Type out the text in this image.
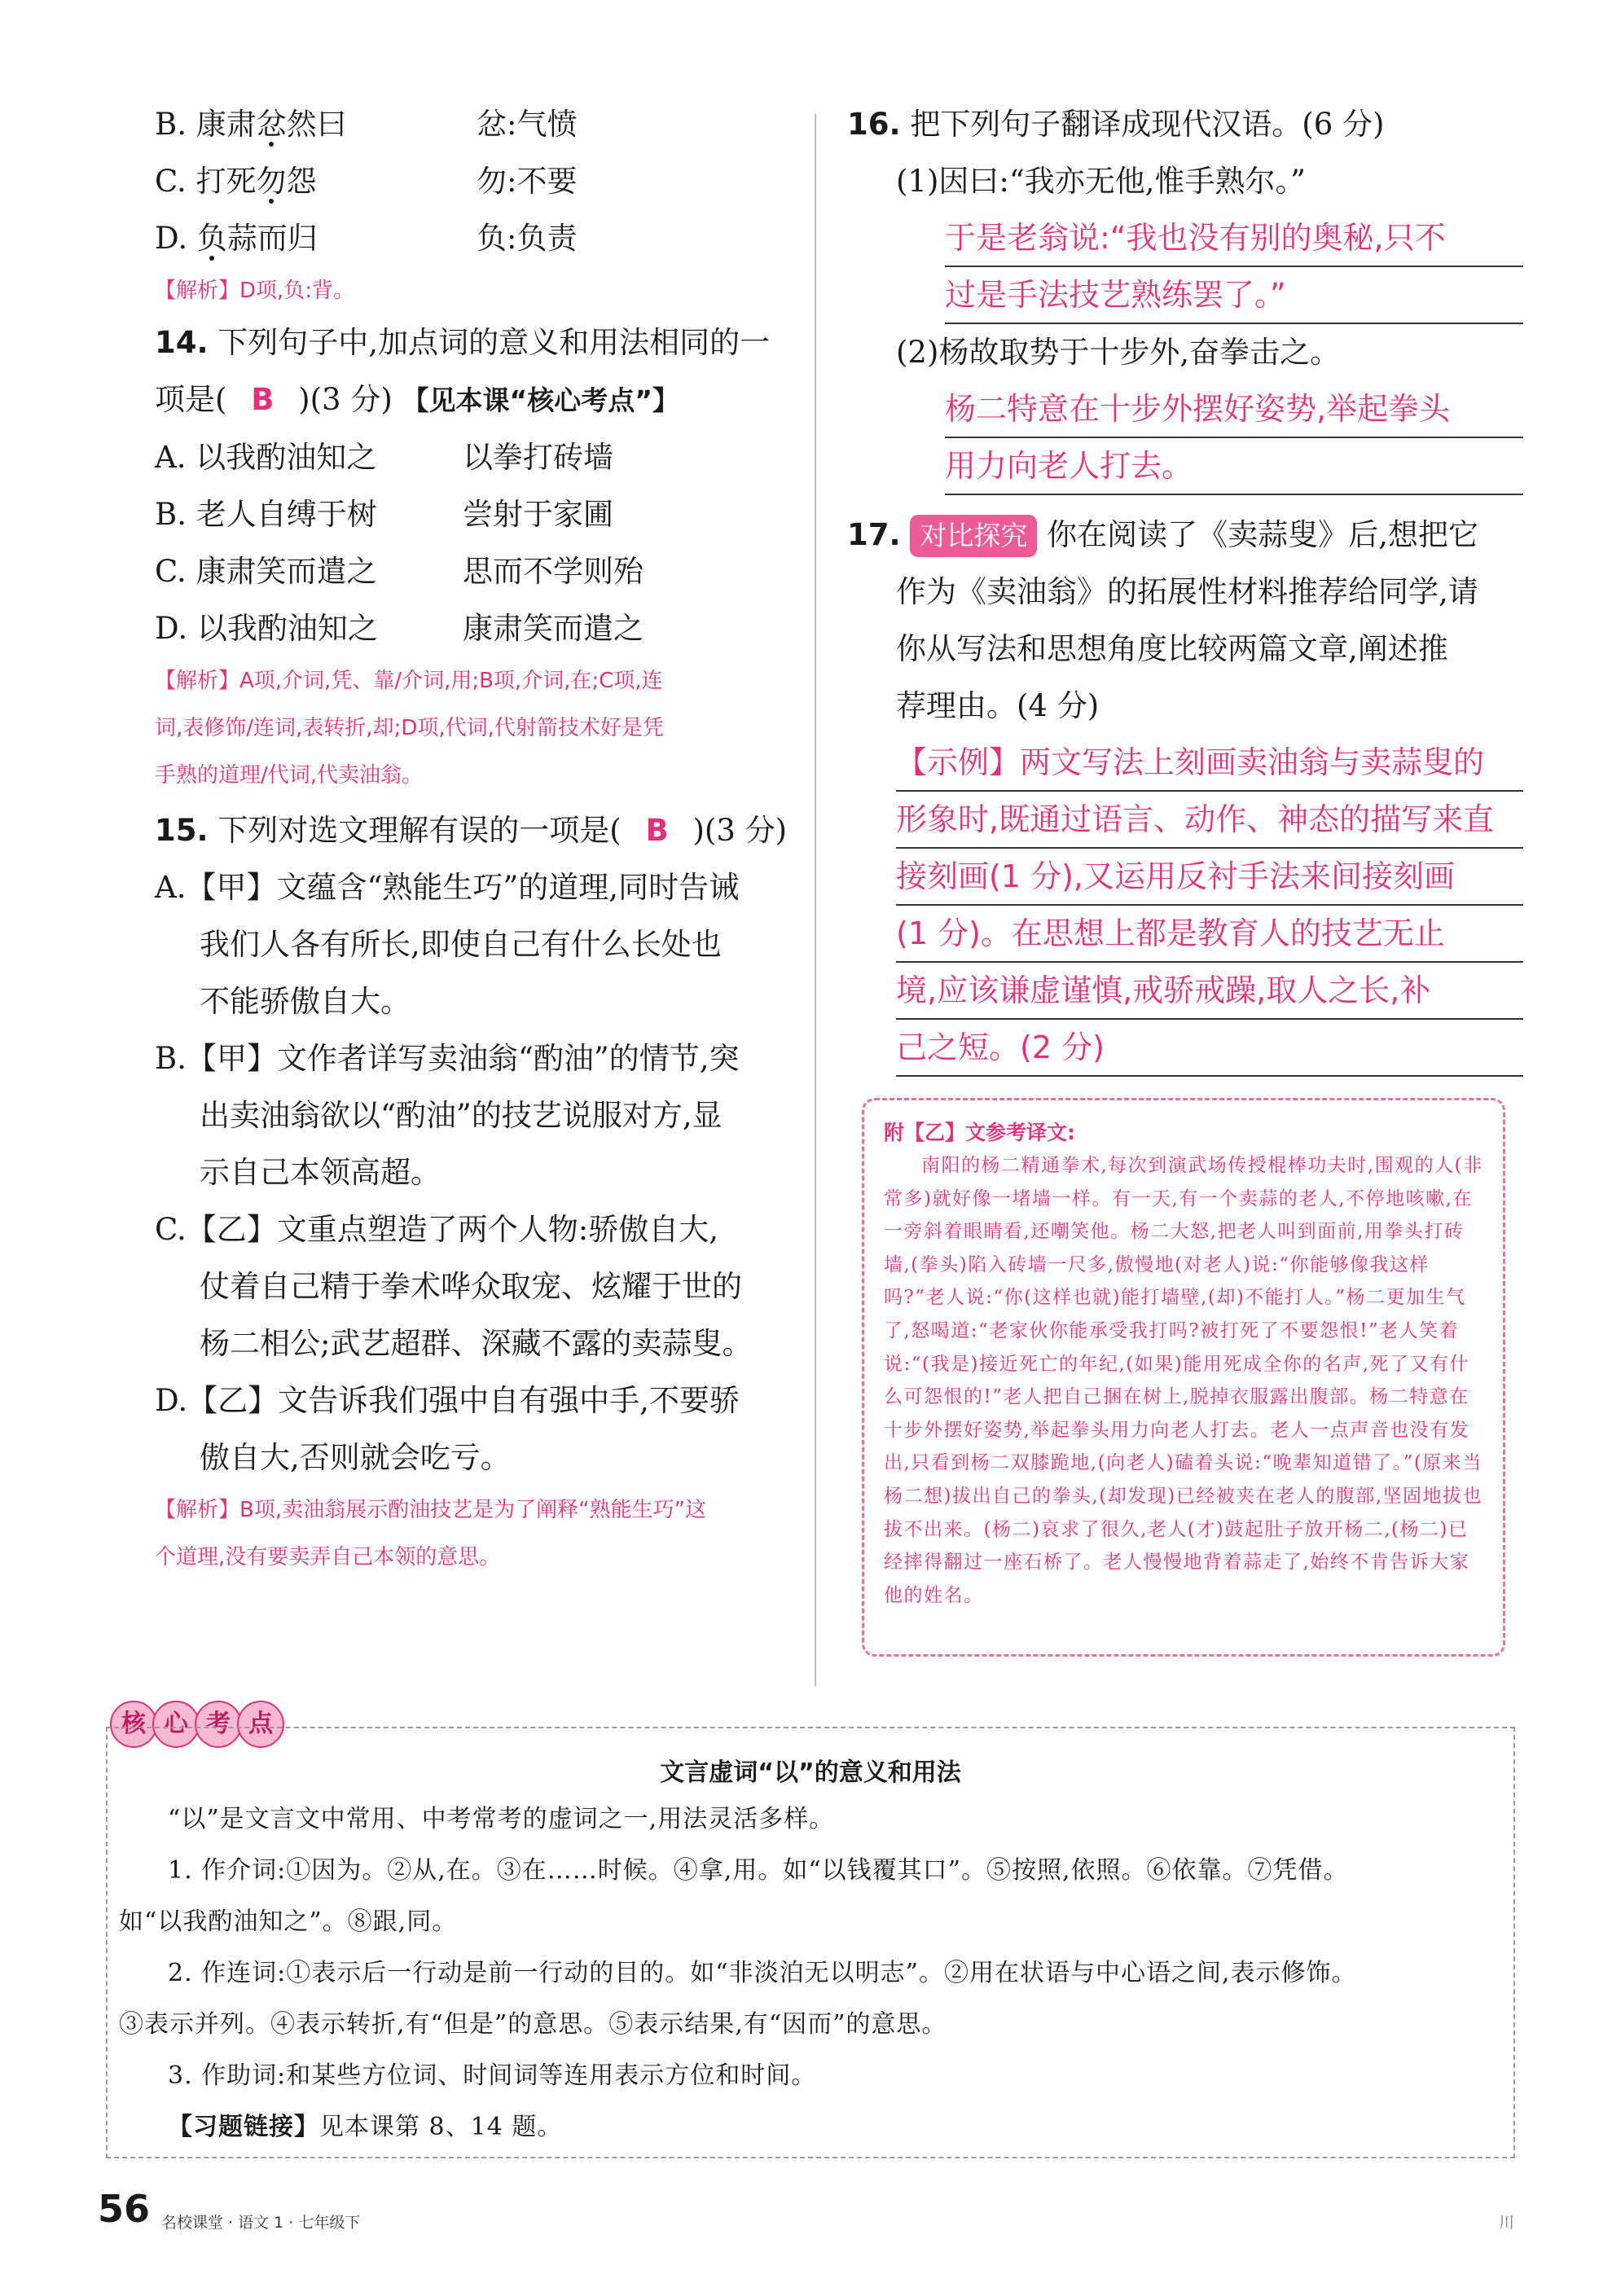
B. 康肃忿然曰	忿:气愤
C. 打死勿怨	勿:不要
D. 负蒜而归	负:负责
【解析】D项,负:背。
14. 下列句子中,加点词的意义和用法相同的一
项是( B )(3 分) 【见本课“核心考点”】
A. 以我酌油知之	以拳打砖墙
B. 老人自缚于树	尝射于家圃
C. 康肃笑而遣之	思而不学则殆
D. 以我酌油知之	康肃笑而遣之
【解析】A项,介词,凭、靠/介词,用;B项,介词,在;C项,连
词,表修饰/连词,表转折,却;D项,代词,代射箭技术好是凭
手熟的道理/代词,代卖油翁。
15. 下列对选文理解有误的一项是( B )(3 分)
A.【甲】文蕴含“熟能生巧”的道理,同时告诫
我们人各有所长,即使自己有什么长处也
不能骄傲自大。
B.【甲】文作者详写卖油翁“酌油”的情节,突
出卖油翁欲以“酌油”的技艺说服对方,显
示自己本领高超。
C.【乙】文重点塑造了两个人物:骄傲自大,
仗着自己精于拳术哗众取宠、炫耀于世的
杨二相公;武艺超群、深藏不露的卖蒜叟。
D.【乙】文告诉我们强中自有强中手,不要骄
傲自大,否则就会吃亏。
【解析】B项,卖油翁展示酌油技艺是为了阐释“熟能生巧”这
个道理,没有要卖弄自己本领的意思。
16. 把下列句子翻译成现代汉语。(6 分)
(1)因曰:“我亦无他,惟手熟尔。”
于是老翁说:“我也没有别的奥秘,只不
过是手法技艺熟练罢了。”
(2)杨故取势于十步外,奋拳击之。
杨二特意在十步外摆好姿势,举起拳头
用力向老人打去。
17. 对比探究 你在阅读了《卖蒜叟》后,想把它
作为《卖油翁》的拓展性材料推荐给同学,请
你从写法和思想角度比较两篇文章,阐述推
荐理由。(4 分)
【示例】两文写法上刻画卖油翁与卖蒜叟的
形象时,既通过语言、动作、神态的描写来直
接刻画(1 分),又运用反衬手法来间接刻画
(1 分)。在思想上都是教育人的技艺无止
境,应该谦虚谨慎,戒骄戒躁,取人之长,补
己之短。(2 分)
附【乙】文参考译文:
南阳的杨二精通拳术,每次到演武场传授棍棒功夫时,围观的人(非常多)就好像一堵墙一样。有一天,有一个卖蒜的老人,不停地咳嗽,在一旁斜着眼睛看,还嘲笑他。杨二大怒,把老人叫到面前,用拳头打砖墙,(拳头)陷入砖墙一尺多,傲慢地(对老人)说:“你能够像我这样吗?”老人说:“你(这样也就)能打墙壁,(却)不能打人。”杨二更加生气了,怒喝道:“老家伙你能承受我打吗?被打死了不要怨恨!”老人笑着说:“(我是)接近死亡的年纪,(如果)能用死成全你的名声,死了又有什么可怨恨的!”老人把自己捆在树上,脱掉衣服露出腹部。杨二特意在十步外摆好姿势,举起拳头用力向老人打去。老人一点声音也没有发出,只看到杨二双膝跪地,(向老人)磕着头说:“晚辈知道错了。”(原来当杨二想)拔出自己的拳头,(却发现)已经被夹在老人的腹部,坚固地拔也拔不出来。(杨二)哀求了很久,老人(才)鼓起肚子放开杨二,(杨二)已经摔得翻过一座石桥了。老人慢慢地背着蒜走了,始终不肯告诉大家他的姓名。
核 心 考 点
文言虚词“以”的意义和用法
“以”是文言文中常用、中考常考的虚词之一,用法灵活多样。
1. 作介词:①因为。②从,在。③在……时候。④拿,用。如“以钱覆其口”。⑤按照,依照。⑥依靠。⑦凭借。
如“以我酌油知之”。⑧跟,同。
2. 作连词:①表示后一行动是前一行动的目的。如“非淡泊无以明志”。②用在状语与中心语之间,表示修饰。
③表示并列。④表示转折,有“但是”的意思。⑤表示结果,有“因而”的意思。
3. 作助词:和某些方位词、时间词等连用表示方位和时间。
【习题链接】见本课第 8、14 题。
56 名校课堂 · 语文 1 · 七年级下	川
